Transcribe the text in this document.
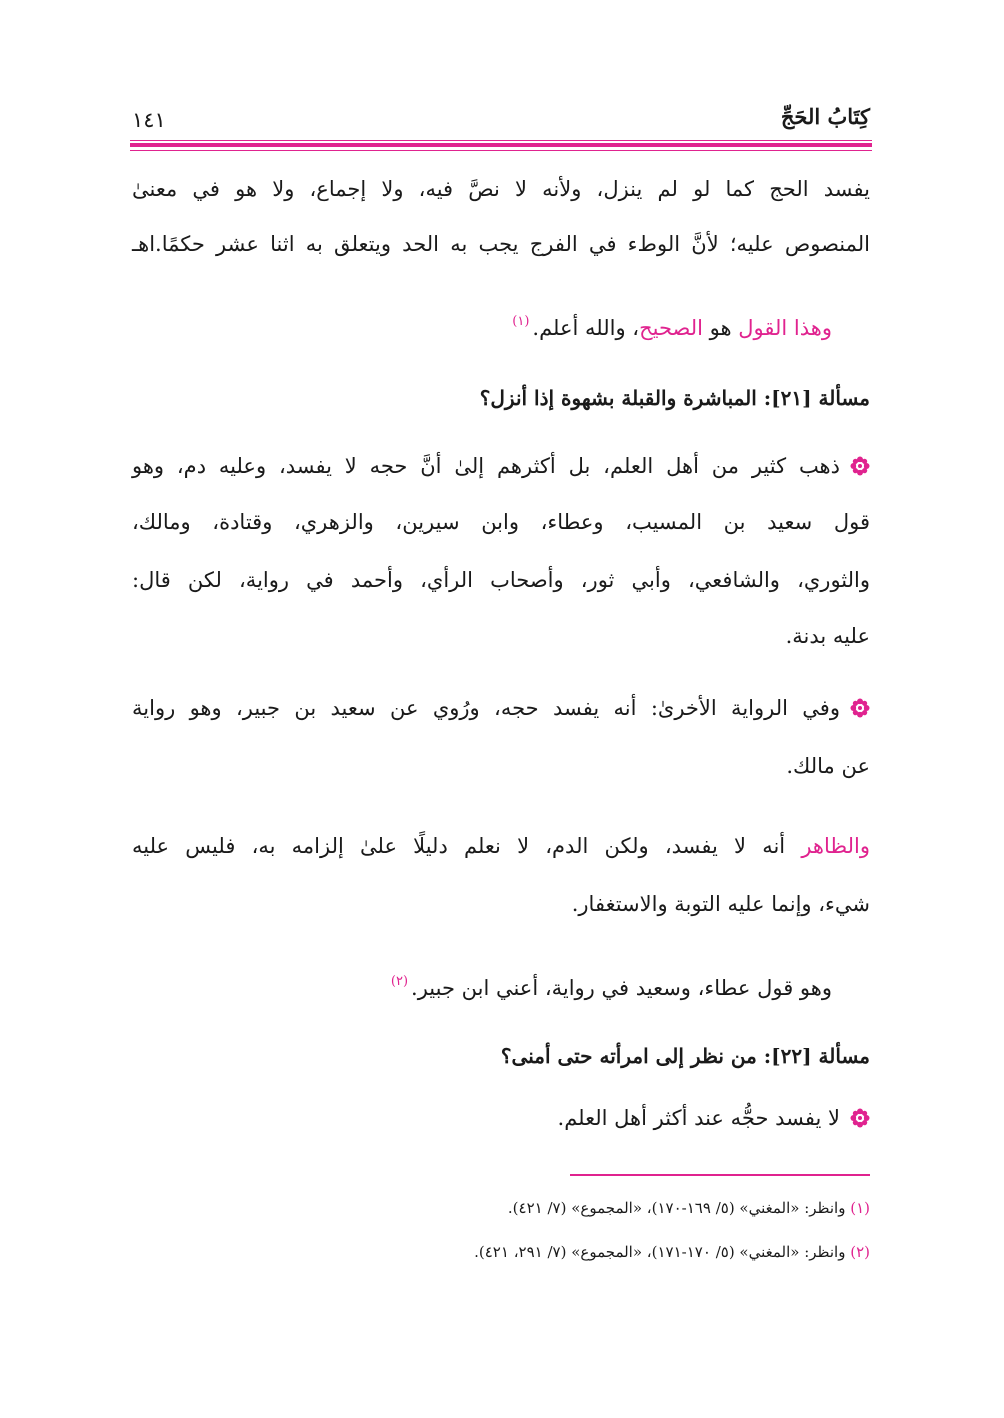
كِتَابُ الحَجِّ
١٤١
يفسد الحج كما لو لم ينزل، ولأنه لا نصَّ فيه، ولا إجماع، ولا هو في معنىٰ
المنصوص عليه؛ لأنَّ الوطء في الفرج يجب به الحد ويتعلق به اثنا عشر حكمًا.اهـ
وهذا القول هو الصحيح، والله أعلم.$^{(١)}$
مسألة [٢١]: المباشرة والقبلة بشهوة إذا أنزل؟
ذهب كثير من أهل العلم، بل أكثرهم إلىٰ أنَّ حجه لا يفسد، وعليه دم، وهو
قول سعيد بن المسيب، وعطاء، وابن سيرين، والزهري، وقتادة، ومالك،
والثوري، والشافعي، وأبي ثور، وأصحاب الرأي، وأحمد في رواية، لكن قال:
عليه بدنة.
وفي الرواية الأخرىٰ: أنه يفسد حجه، ورُوي عن سعيد بن جبير، وهو رواية
عن مالك.
والظاهر أنه لا يفسد، ولكن الدم، لا نعلم دليلًا علىٰ إلزامه به، فليس عليه
شيء، وإنما عليه التوبة والاستغفار.
وهو قول عطاء، وسعيد في رواية، أعني ابن جبير.$^{(٢)}$
مسألة [٢٢]: من نظر إلى امرأته حتى أمنى؟
لا يفسد حجُّه عند أكثر أهل العلم.
(١) وانظر: «المغني» (٥/ ١٦٩-١٧٠)، «المجموع» (٧/ ٤٢١).
(٢) وانظر: «المغني» (٥/ ١٧٠-١٧١)، «المجموع» (٧/ ٢٩١، ٤٢١).
